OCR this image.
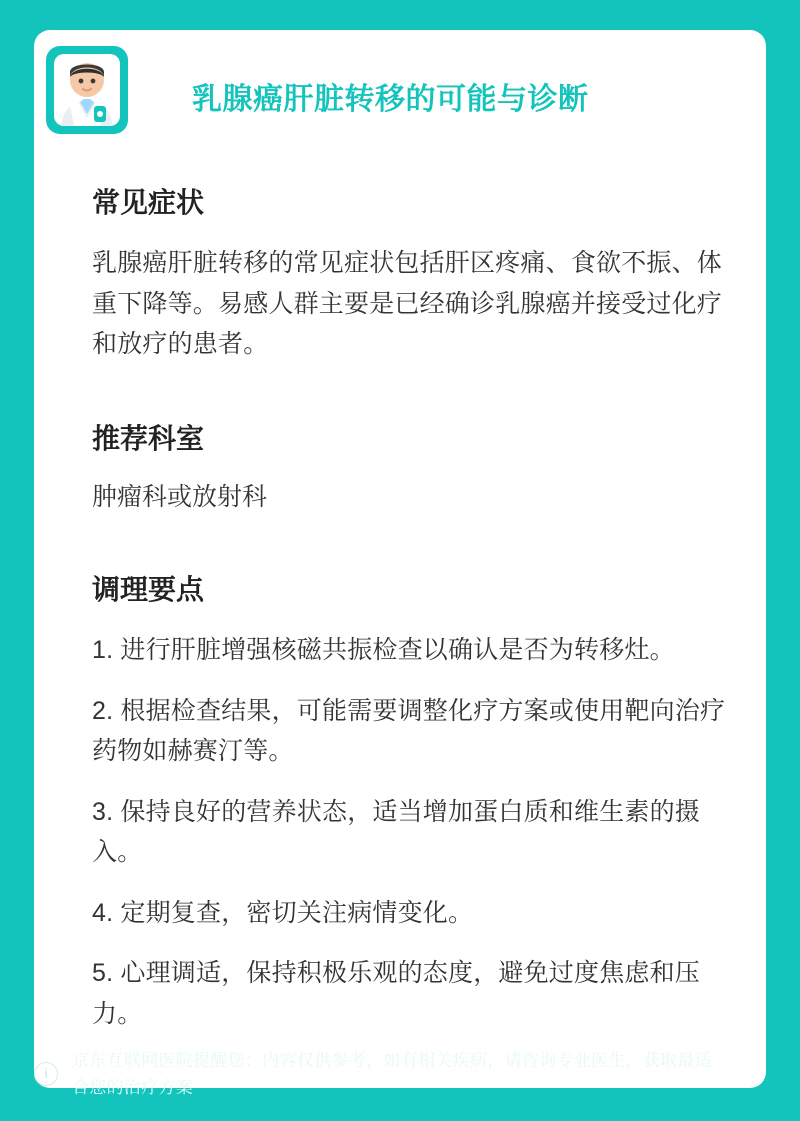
乳腺癌肝脏转移的可能与诊断
常见症状

乳腺癌肝脏转移的常见症状包括肝区疼痛、食欲不振、体重下降等。易感人群主要是已经确诊乳腺癌并接受过化疗和放疗的患者。

推荐科室

肿瘤科或放射科

调理要点
1. 进行肝脏增强核磁共振检查以确认是否为转移灶。
2. 根据检查结果，可能需要调整化疗方案或使用靶向治疗药物如赫赛汀等。
3. 保持良好的营养状态，适当增加蛋白质和维生素的摄入。
4. 定期复查，密切关注病情变化。
5. 心理调适，保持积极乐观的态度，避免过度焦虑和压力。
i
京东互联网医院提醒您：内容仅供参考，如有相关疾病，请咨询专业医生，获取最适合您的治疗方案
